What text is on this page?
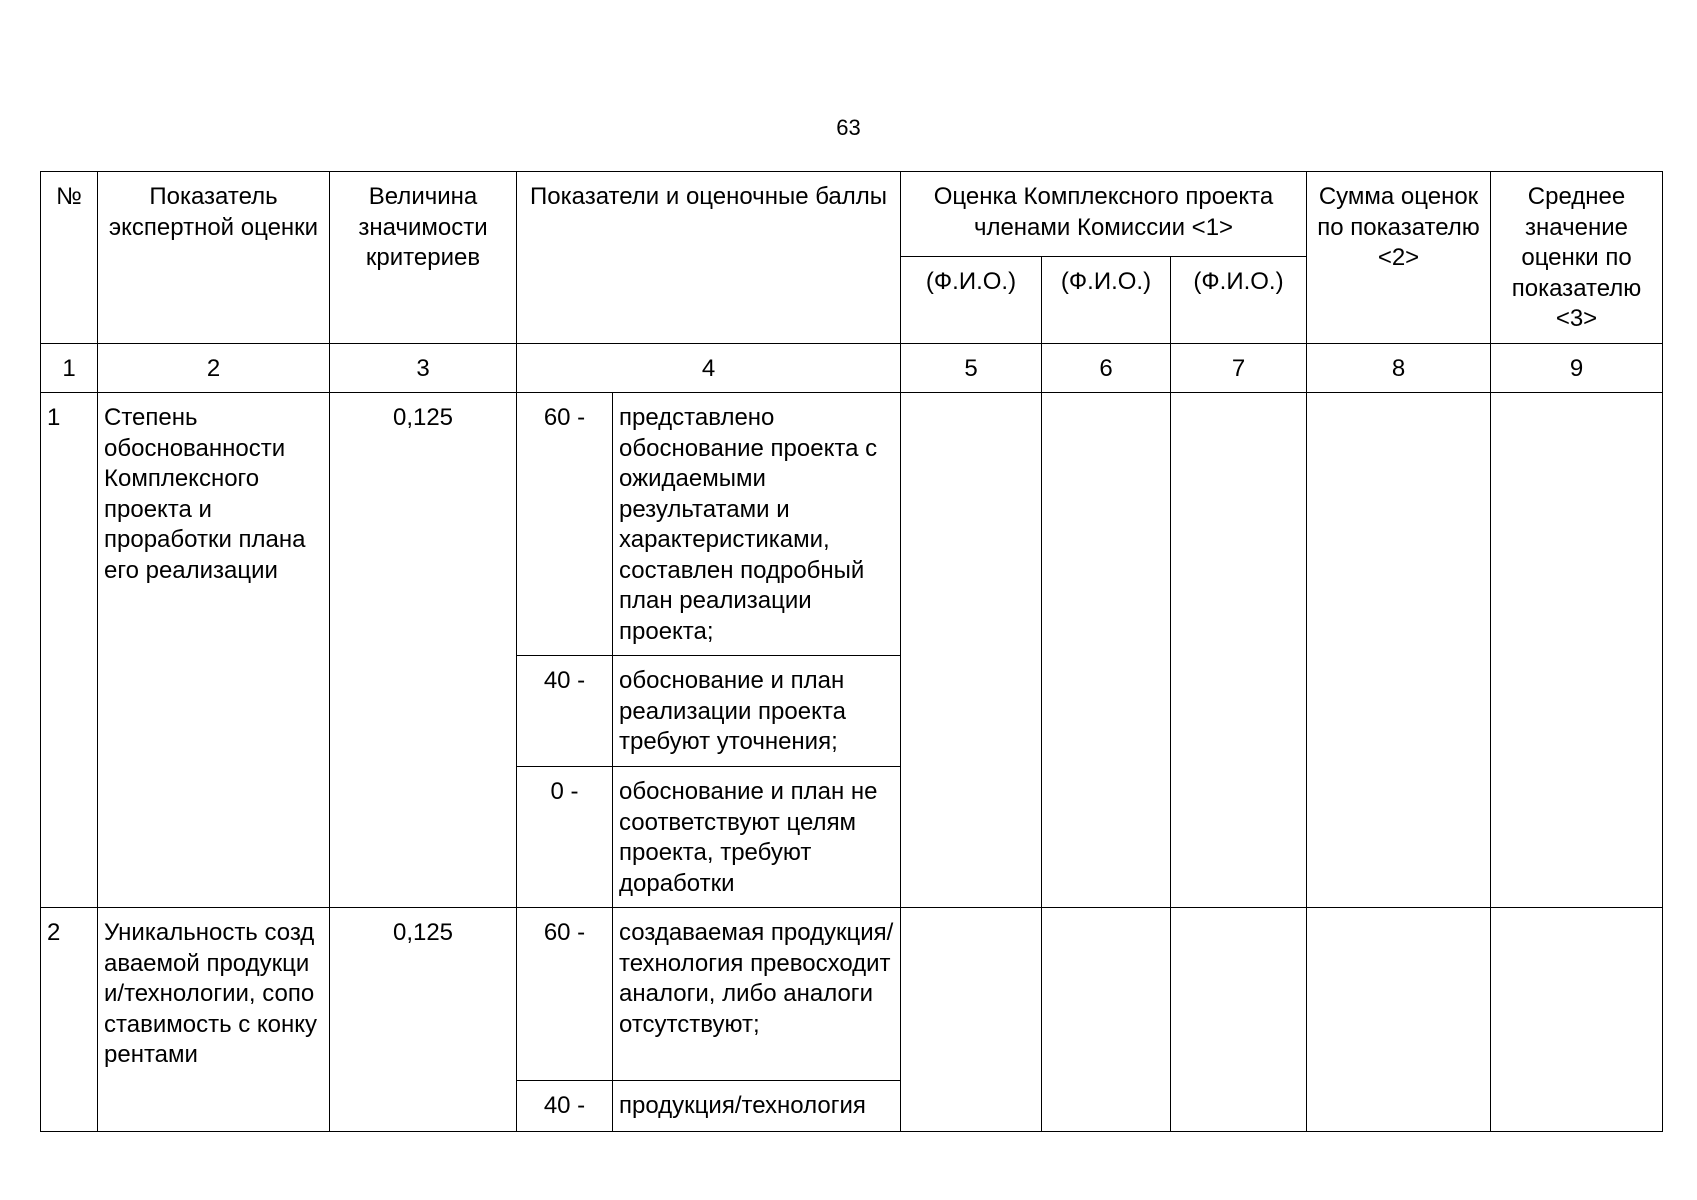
63
№	Показатель экспертной оценки	Величина значимости критериев	Показатели и оценочные баллы		Оценка Комплексного проекта членами Комиссии <1>			Сумма оценок по показателю <2>	Среднее значение оценки по показателю <3>
					(Ф.И.О.)	(Ф.И.О.)	(Ф.И.О.)		
1	2	3	4		5	6	7	8	9
1	Степень обоснованности Комплексного проекта и проработки плана его реализации	0,125	60 -	представлено обоснование проекта с ожидаемыми результатами и характеристиками, составлен подробный план реализации проекта;					
			40 -	обоснование и план реализации проекта требуют уточнения;					
			0 -	обоснование и план не соответствуют целям проекта, требуют доработки					
2	Уникальность создаваемой продукции/технологии, сопоставимость с конкурентами	0,125	60 -	создаваемая продукция/технология превосходит аналоги, либо аналоги отсутствуют;					
			40 -	продукция/технология					
